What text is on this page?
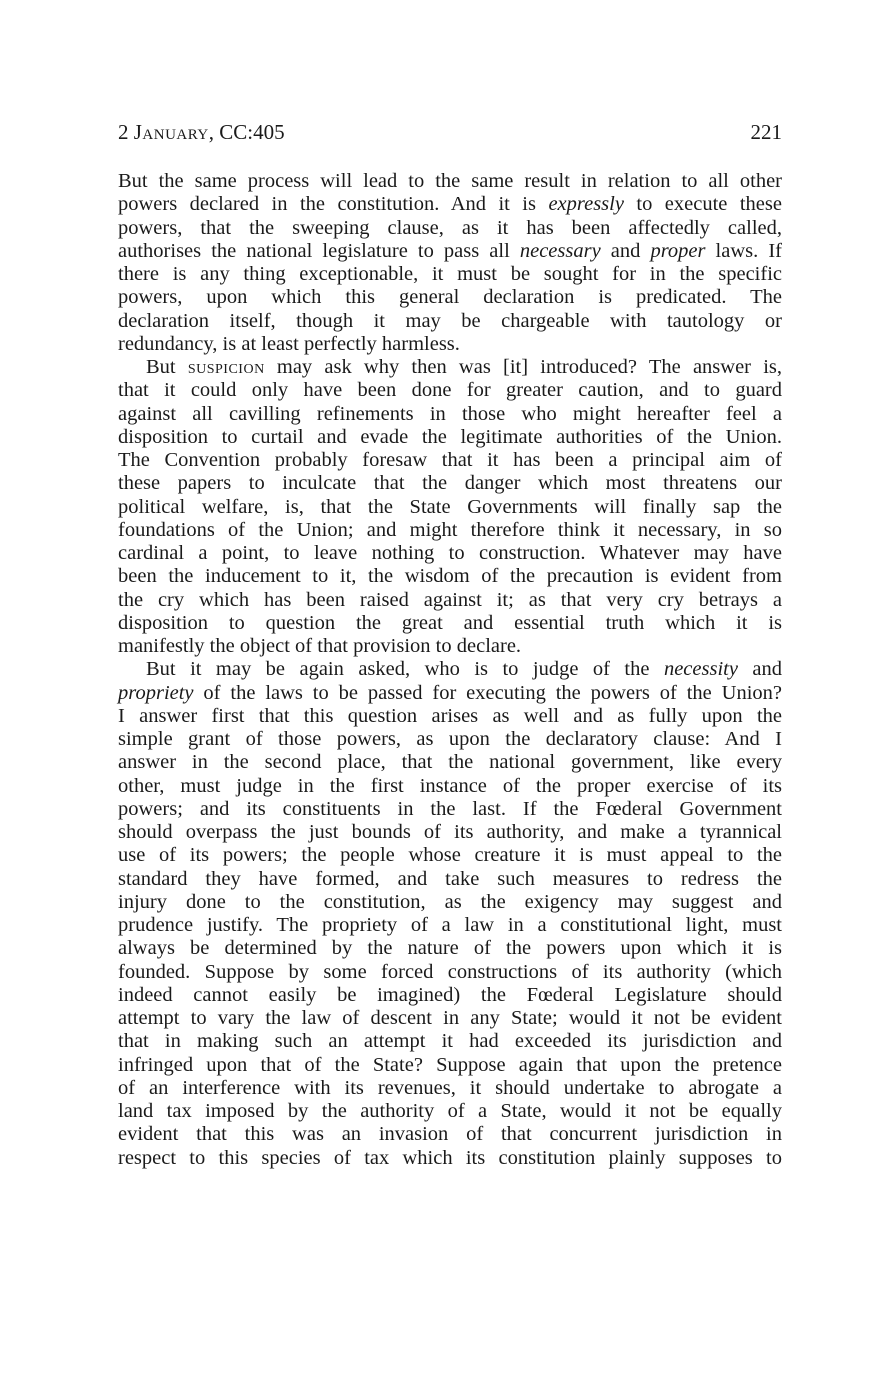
2 January, CC:405	221
But the same process will lead to the same result in relation to all other
powers declared in the constitution. And it is expressly to execute these
powers, that the sweeping clause, as it has been affectedly called,
authorises the national legislature to pass all necessary and proper laws. If
there is any thing exceptionable, it must be sought for in the specific
powers, upon which this general declaration is predicated. The
declaration itself, though it may be chargeable with tautology or
redundancy, is at least perfectly harmless.
But suspicion may ask why then was [it] introduced? The answer is,
that it could only have been done for greater caution, and to guard
against all cavilling refinements in those who might hereafter feel a
disposition to curtail and evade the legitimate authorities of the Union.
The Convention probably foresaw that it has been a principal aim of
these papers to inculcate that the danger which most threatens our
political welfare, is, that the State Governments will finally sap the
foundations of the Union; and might therefore think it necessary, in so
cardinal a point, to leave nothing to construction. Whatever may have
been the inducement to it, the wisdom of the precaution is evident from
the cry which has been raised against it; as that very cry betrays a
disposition to question the great and essential truth which it is
manifestly the object of that provision to declare.
But it may be again asked, who is to judge of the necessity and
propriety of the laws to be passed for executing the powers of the Union?
I answer first that this question arises as well and as fully upon the
simple grant of those powers, as upon the declaratory clause: And I
answer in the second place, that the national government, like every
other, must judge in the first instance of the proper exercise of its
powers; and its constituents in the last. If the Fœderal Government
should overpass the just bounds of its authority, and make a tyrannical
use of its powers; the people whose creature it is must appeal to the
standard they have formed, and take such measures to redress the
injury done to the constitution, as the exigency may suggest and
prudence justify. The propriety of a law in a constitutional light, must
always be determined by the nature of the powers upon which it is
founded. Suppose by some forced constructions of its authority (which
indeed cannot easily be imagined) the Fœderal Legislature should
attempt to vary the law of descent in any State; would it not be evident
that in making such an attempt it had exceeded its jurisdiction and
infringed upon that of the State? Suppose again that upon the pretence
of an interference with its revenues, it should undertake to abrogate a
land tax imposed by the authority of a State, would it not be equally
evident that this was an invasion of that concurrent jurisdiction in
respect to this species of tax which its constitution plainly supposes to
